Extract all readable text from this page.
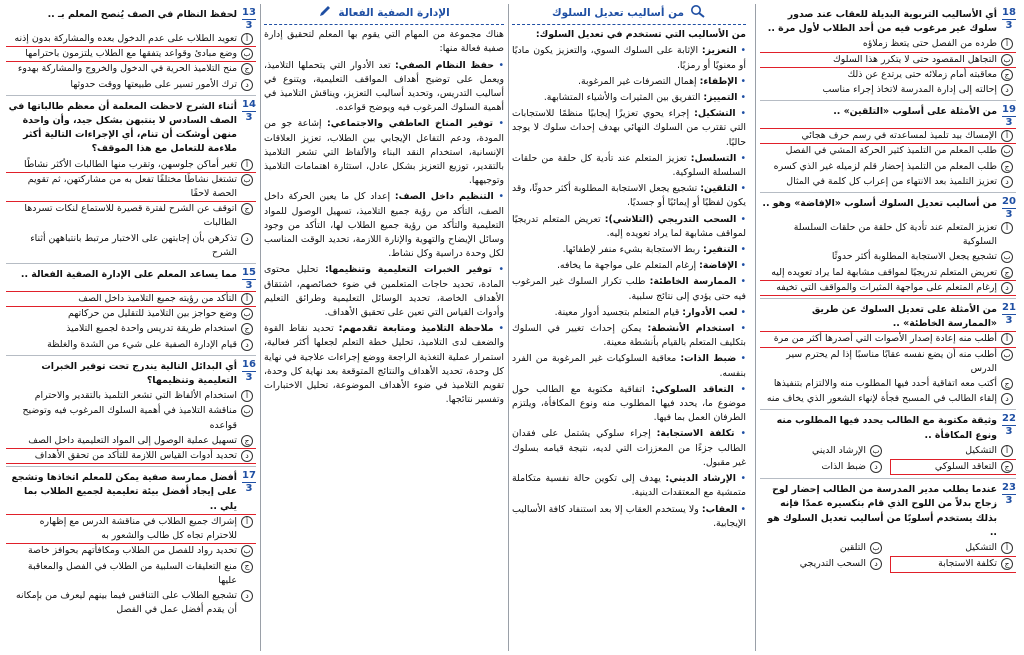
18
3
أي الأساليب التربوية البديلة للعقاب عند صدور سلوك غير مرغوب فيه من أحد الطلاب لأول مرة ..
أ
طرده من الفصل حتى يتعظ زملاؤه
ب
التجاهل المقصود حتى لا يتكرر هذا السلوك
ج
معاقبته أمام زملائه حتى يرتدع عن ذلك
د
إحالته إلى إدارة المدرسة لاتخاذ إجراء مناسب
19
3
من الأمثلة على أسلوب «التلقين» ..
أ
الإمساك بيد تلميذ لمساعدته في رسم حرف هجائي
ب
طلب المعلم من التلميذ كثير الحركة المشي في الفصل
ج
طلب المعلم من التلميذ إحضار قلم لزميله غير الذي كسره
د
تعزيز التلميذ بعد الانتهاء من إعراب كل كلمة في المثال
20
3
من أساليب تعديل السلوك أسلوب «الإفاضة» وهو ..
أ
تعزيز المتعلم عند تأدية كل حلقة من حلقات السلسلة السلوكية
ب
تشجيع يجعل الاستجابة المطلوبة أكثر حدوثًا
ج
تعريض المتعلم تدريجيًا لمواقف مشابهة لما يراد تعويده إليه
د
إرغام المتعلم على مواجهة المثيرات والمواقف التي تخيفه
21
3
من الأمثلة على تعديل السلوك عن طريق «الممارسة الخاطئة» ..
أ
أطلب منه إعادة إصدار الأصوات التي أصدرها أكثر من مرة
ب
أطلب منه أن يضع نفسه عقابًا مناسبًا إذا لم يحترم سير الدرس
ج
أكتب معه اتفاقية أحدد فيها المطلوب منه والالتزام بتنفيذها
د
إلقاء الطالب في المسبح فجأة لإنهاء الشعور الذي يخاف منه
22
3
وثيقة مكتوبة مع الطالب يحدد فيها المطلوب منه ونوع المكافأة ..
أ
التشكيل
ب
الإرشاد الديني
ج
التعاقد السلوكي
د
ضبط الذات
23
3
عندما يطلب مدير المدرسة من الطالب إحضار لوح زجاج بدلاً من اللوح الذي قام بتكسيره عمدًا فإنه بذلك يستخدم أسلوبًا من أساليب تعديل السلوك هو ..
أ
التشكيل
ب
التلقين
ج
تكلفة الاستجابة
د
السحب التدريجي
من أساليب تعديل السلوك
من الأساليب التي تستخدم في تعديل السلوك:
• التعزيز: الإثابة على السلوك السوي، والتعزيز يكون ماديًا أو معنويًا أو رمزيًا.
• الإطفاء: إهمال التصرفات غير المرغوبة.
• التمييز: التفريق بين المثيرات والأشياء المتشابهة.
• التشكيل: إجراء يحوي تعزيزًا إيجابيًا منظمًا للاستجابات التي تقترب من السلوك النهائي بهدف إحداث سلوك لا يوجد حاليًا.
• التسلسل: تعزيز المتعلم عند تأدية كل حلقة من حلقات السلسلة السلوكية.
• التلقين: تشجيع يجعل الاستجابة المطلوبة أكثر حدوثًا، وقد يكون لفظيًا أو إيمائيًا أو جسديًا.
• السحب التدريجي (التلاشي): تعريض المتعلم تدريجيًا لمواقف مشابهة لما يراد تعويده إليه.
• التنفير: ربط الاستجابة بشيء منفر لإطفائها.
• الإفاضة: إرغام المتعلم على مواجهة ما يخافه.
• الممارسة الخاطئة: طلب تكرار السلوك غير المرغوب فيه حتى يؤدي إلى نتائج سلبية.
• لعب الأدوار: قيام المتعلم بتجسيد أدوار معينة.
• استخدام الأنشطة: يمكن إحداث تغيير في السلوك بتكليف المتعلم بالقيام بأنشطة معينة.
• ضبط الذات: معاقبة السلوكيات غير المرغوبة من الفرد بنفسه.
• التعاقد السلوكي: اتفاقية مكتوبة مع الطالب حول موضوع ما، يحدد فيها المطلوب منه ونوع المكافأة، ويلتزم الطرفان العمل بما فيها.
• تكلفة الاستجابة: إجراء سلوكي يشتمل على فقدان الطالب جزءًا من المعززات التي لديه، نتيجة قيامه بسلوك غير مقبول.
• الإرشاد الديني: يهدف إلى تكوين حالة نفسية متكاملة متمشية مع المعتقدات الدينية.
• العقاب: ولا يستخدم العقاب إلا بعد استنفاد كافة الأساليب الإيجابية.
الإدارة الصفية الفعالة
هناك مجموعة من المهام التي يقوم بها المعلم لتحقيق إدارة صفية فعالة منها:
• حفظ النظام الصفي: تعد الأدوار التي يتحملها التلاميذ، ويعمل على توضيح أهداف المواقف التعليمية، ويتنوع في أساليب التدريس، وتحديد أساليب التعزيز، ويناقش التلاميذ في أهمية السلوك المرغوب فيه ويوضح قواعده.
• توفير المناخ العاطفي والاجتماعي: إشاعة جو من المودة، ودعم التفاعل الإيجابي بين الطلاب، تعزيز العلاقات الإنسانية، استخدام النقد البناء والألفاظ التي تشعر التلاميذ بالتقدير، توزيع التعزيز بشكل عادل، استثارة اهتمامات التلاميذ وتوجيهها.
• التنظيم داخل الصف: إعداد كل ما يعين الحركة داخل الصف، التأكد من رؤية جميع التلاميذ، تسهيل الوصول للمواد التعليمية والتأكد من رؤية جميع الطلاب لها، التأكد من وجود وسائل الإيضاح والتهوية والإنارة اللازمة، تحديد الوقت المناسب لكل وحدة دراسية وكل نشاط.
• توفير الخبرات التعليمية وتنظيمها: تحليل محتوى المادة، تحديد حاجات المتعلمين في ضوء خصائصهم، اشتقاق الأهداف الخاصة، تحديد الوسائل التعليمية وطرائق التعليم وأدوات القياس التي تعين على تحقيق الأهداف.
• ملاحظة التلاميذ ومتابعة تقدمهم: تحديد نقاط القوة والضعف لدى التلاميذ، تحليل خطة التعلم لجعلها أكثر فعالية، استمرار عملية التغذية الراجعة ووضع إجراءات علاجية في نهاية كل وحدة، تحديد الأهداف والنتائج المتوقعة بعد نهاية كل وحدة، تقويم التلاميذ في ضوء الأهداف الموضوعة، تحليل الاختبارات وتفسير نتائجها.
13
3
لحفظ النظام في الصف يُنصح المعلم بـ ..
أ
تعويد الطلاب على عدم الدخول بعده والمشاركة بدون إذنه
ب
وضع مبادئ وقواعد يتفقها مع الطلاب يلتزمون باحترامها
ج
منح التلاميذ الحرية في الدخول والخروج والمشاركة بهدوء
د
ترك الأمور تسير على طبيعتها ووقت حدوثها
14
3
أثناء الشرح لاحظت المعلمة أن معظم طالباتها في الصف السادس لا ينتبهن بشكل جيد، وأن واحدة منهن أوشكت أن تنام، أي الإجراءات التالية أكثر ملاءمة للتعامل مع هذا الموقف؟
أ
تغير أماكن جلوسهن، وتقرب منها الطالبات الأكثر نشاطًا
ب
تشتغل نشاطًا مختلفًا تفعل به من مشاركتهن، ثم تقويم الحصة لاحقًا
ج
اتوقف عن الشرح لفترة قصيرة للاستماع لنكات تسردها الطالبات
د
تذكرهن بأن إجابتهن على الاختبار مرتبط بانتباههن أثناء الشرح
15
3
مما يساعد المعلم على الإدارة الصفية الفعالة ..
أ
التأكد من رؤيته جميع التلاميذ داخل الصف
ب
وضع حواجز بين التلاميذ للتقليل من حركاتهم
ج
استخدام طريقة تدريس واحدة لجميع التلاميذ
د
قيام الإدارة الصفية على شيء من الشدة والغلظة
16
3
أي البدائل التالية يندرج تحت توفير الخبرات التعليمية وتنظيمها؟
أ
استخدام الألفاظ التي تشعر التلميذ بالتقدير والاحترام
ب
مناقشة التلاميذ في أهمية السلوك المرغوب فيه وتوضيح قواعده
ج
تسهيل عملية الوصول إلى المواد التعليمية داخل الصف
د
تحديد أدوات القياس اللازمة للتأكد من تحقق الأهداف
17
3
أفضل ممارسة صفية يمكن للمعلم اتخاذها وتشجع على إيجاد أفضل بيئة تعليمية لجميع الطلاب بما يلي ..
أ
إشراك جميع الطلاب في مناقشة الدرس مع إظهاره للاحترام تجاه كل طالب والشعور به
ب
تحديد رواد للفصل من الطلاب ومكافأتهم بحوافز خاصة
ج
منع التعليقات السلبية من الطلاب في الفصل والمعاقبة عليها
د
تشجيع الطلاب على التنافس فيما بينهم ليعرف من بإمكانه أن يقدم أفضل عمل في الفصل
